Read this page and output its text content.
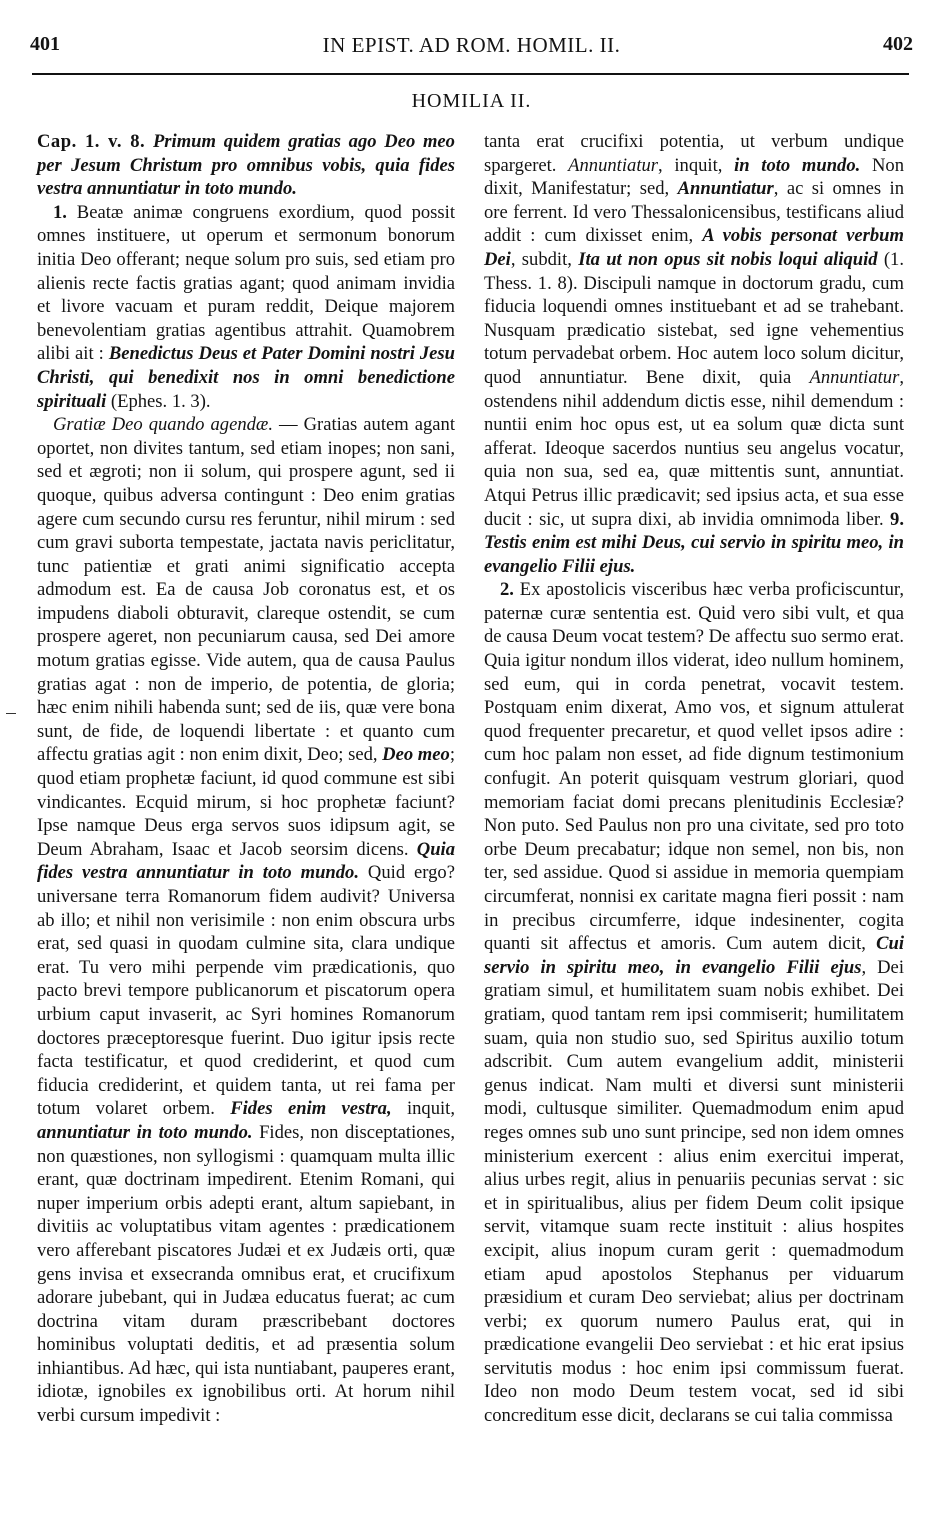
401	IN EPIST. AD ROM. HOMIL. II.	402
HOMILIA II.

Cap. 1. v. 8. Primum quidem gratias ago Deo meo per Jesum Christum pro omnibus vobis, quia fides vestra annuntiatur in toto mundo.

1. Beatæ animæ congruens exordium, quod possit omnes instituere, ut operum et sermonum bonorum initia Deo offerant; neque solum pro suis, sed etiam pro alienis recte factis gratias agant; quod animam invidia et livore vacuam et puram reddit, Deique majorem benevolentiam gratias agentibus attrahit. Quamobrem alibi ait : Benedictus Deus et Pater Domini nostri Jesu Christi, qui benedixit nos in omni benedictione spirituali (Ephes. 1. 3).

Gratiæ Deo quando agendæ. — Gratias autem agant oportet, non divites tantum, sed etiam inopes; non sani, sed et ægroti; non ii solum, qui prospere agunt, sed ii quoque, quibus adversa contingunt : Deo enim gratias agere cum secundo cursu res feruntur, nihil mirum : sed cum gravi suborta tempestate, jactata navis periclitatur, tunc patientiæ et grati animi significatio accepta admodum est. Ea de causa Job coronatus est, et os impudens diaboli obturavit, clareque ostendit, se cum prospere ageret, non pecuniarum causa, sed Dei amore motum gratias egisse. Vide autem, qua de causa Paulus gratias agat : non de imperio, de potentia, de gloria; hæc enim nihili habenda sunt; sed de iis, quæ vere bona sunt, de fide, de loquendi libertate : et quanto cum affectu gratias agit : non enim dixit, Deo; sed, Deo meo; quod etiam prophetæ faciunt, id quod commune est sibi vindicantes. Ecquid mirum, si hoc prophetæ faciunt? Ipse namque Deus erga servos suos idipsum agit, se Deum Abraham, Isaac et Jacob seorsim dicens. Quia fides vestra annuntiatur in toto mundo. Quid ergo? universane terra Romanorum fidem audivit? Universa ab illo; et nihil non verisimile : non enim obscura urbs erat, sed quasi in quodam culmine sita, clara undique erat. Tu vero mihi perpende vim prædicationis, quo pacto brevi tempore publicanorum et piscatorum opera urbium caput invaserit, ac Syri homines Romanorum doctores præceptoresque fuerint. Duo igitur ipsis recte facta testificatur, et quod crediderint, et quod cum fiducia crediderint, et quidem tanta, ut rei fama per totum volaret orbem. Fides enim vestra, inquit, annuntiatur in toto mundo. Fides, non disceptationes, non quæstiones, non syllogismi : quamquam multa illic erant, quæ doctrinam impedirent. Etenim Romani, qui nuper imperium orbis adepti erant, altum sapiebant, in divitiis ac voluptatibus vitam agentes : prædicationem vero afferebant piscatores Judæi et ex Judæis orti, quæ gens invisa et exsecranda omnibus erat, et crucifixum adorare jubebant, qui in Judæa educatus fuerat; ac cum doctrina vitam duram præscribebant doctores hominibus voluptati deditis, et ad præsentia solum inhiantibus. Ad hæc, qui ista nuntiabant, pauperes erant, idiotæ, ignobiles ex ignobilibus orti. At horum nihil verbi cursum impedivit :

tanta erat crucifixi potentia, ut verbum undique spargeret. Annuntiatur, inquit, in toto mundo. Non dixit, Manifestatur; sed, Annuntiatur, ac si omnes in ore ferrent. Id vero Thessalonicensibus, testificans aliud addit : cum dixisset enim, A vobis personat verbum Dei, subdit, Ita ut non opus sit nobis loqui aliquid (1. Thess. 1. 8). Discipuli namque in doctorum gradu, cum fiducia loquendi omnes instituebant et ad se trahebant. Nusquam prædicatio sistebat, sed igne vehementius totum pervadebat orbem. Hoc autem loco solum dicitur, quod annuntiatur. Bene dixit, quia Annuntiatur, ostendens nihil addendum dictis esse, nihil demendum : nuntii enim hoc opus est, ut ea solum quæ dicta sunt afferat. Ideoque sacerdos nuntius seu angelus vocatur, quia non sua, sed ea, quæ mittentis sunt, annuntiat. Atqui Petrus illic prædicavit; sed ipsius acta, et sua esse ducit : sic, ut supra dixi, ab invidia omnimoda liber. 9. Testis enim est mihi Deus, cui servio in spiritu meo, in evangelio Filii ejus.

2. Ex apostolicis visceribus hæc verba proficiscuntur, paternæ curæ sententia est. Quid vero sibi vult, et qua de causa Deum vocat testem? De affectu suo sermo erat. Quia igitur nondum illos viderat, ideo nullum hominem, sed eum, qui in corda penetrat, vocavit testem. Postquam enim dixerat, Amo vos, et signum attulerat quod frequenter precaretur, et quod vellet ipsos adire : cum hoc palam non esset, ad fide dignum testimonium confugit. An poterit quisquam vestrum gloriari, quod memoriam faciat domi precans plenitudinis Ecclesiæ? Non puto. Sed Paulus non pro una civitate, sed pro toto orbe Deum precabatur; idque non semel, non bis, non ter, sed assidue. Quod si assidue in memoria quempiam circumferat, nonnisi ex caritate magna fieri possit : nam in precibus circumferre, idque indesinenter, cogita quanti sit affectus et amoris. Cum autem dicit, Cui servio in spiritu meo, in evangelio Filii ejus, Dei gratiam simul, et humilitatem suam nobis exhibet. Dei gratiam, quod tantam rem ipsi commiserit; humilitatem suam, quia non studio suo, sed Spiritus auxilio totum adscribit. Cum autem evangelium addit, ministerii genus indicat. Nam multi et diversi sunt ministerii modi, cultusque similiter. Quemadmodum enim apud reges omnes sub uno sunt principe, sed non idem omnes ministerium exercent : alius enim exercitui imperat, alius urbes regit, alius in penuariis pecunias servat : sic et in spiritualibus, alius per fidem Deum colit ipsique servit, vitamque suam recte instituit : alius hospites excipit, alius inopum curam gerit : quemadmodum etiam apud apostolos Stephanus per viduarum præsidium et curam Deo serviebat; alius per doctrinam verbi; ex quorum numero Paulus erat, qui in prædicatione evangelii Deo serviebat : et hic erat ipsius servitutis modus : hoc enim ipsi commissum fuerat. Ideo non modo Deum testem vocat, sed id sibi concreditum esse dicit, declarans se cui talia commissa
